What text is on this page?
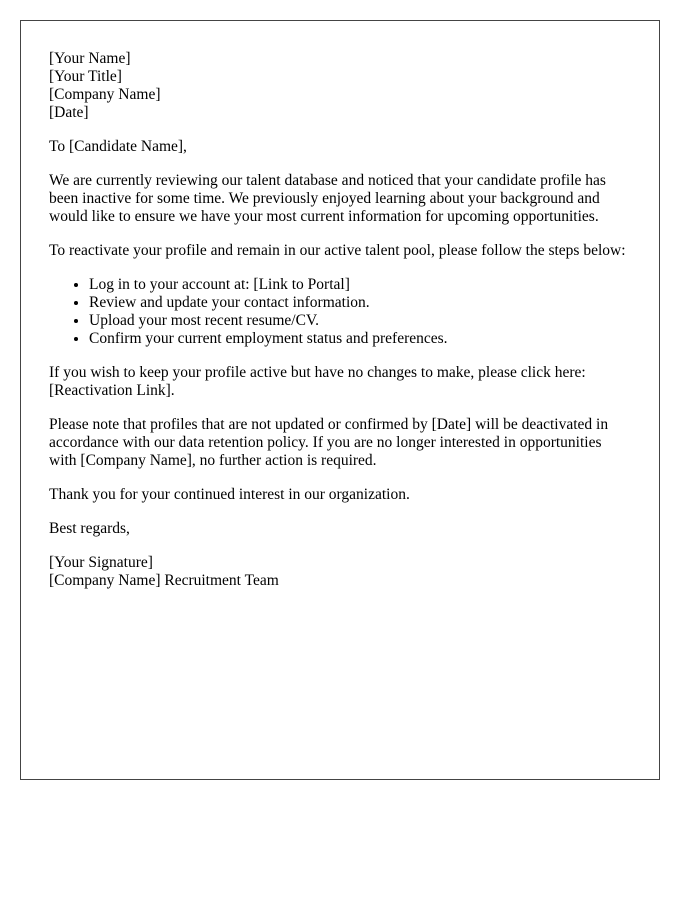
[Your Name]

[Your Title]

[Company Name]

[Date]

To [Candidate Name],

We are currently reviewing our talent database and noticed that your candidate profile has been inactive for some time. We previously enjoyed learning about your background and would like to ensure we have your most current information for upcoming opportunities.

To reactivate your profile and remain in our active talent pool, please follow the steps below:

• Log in to your account at: [Link to Portal]
• Review and update your contact information.
• Upload your most recent resume/CV.
• Confirm your current employment status and preferences.

If you wish to keep your profile active but have no changes to make, please click here: [Reactivation Link].

Please note that profiles that are not updated or confirmed by [Date] will be deactivated in accordance with our data retention policy. If you are no longer interested in opportunities with [Company Name], no further action is required.

Thank you for your continued interest in our organization.

Best regards,

[Your Signature]

[Company Name] Recruitment Team
